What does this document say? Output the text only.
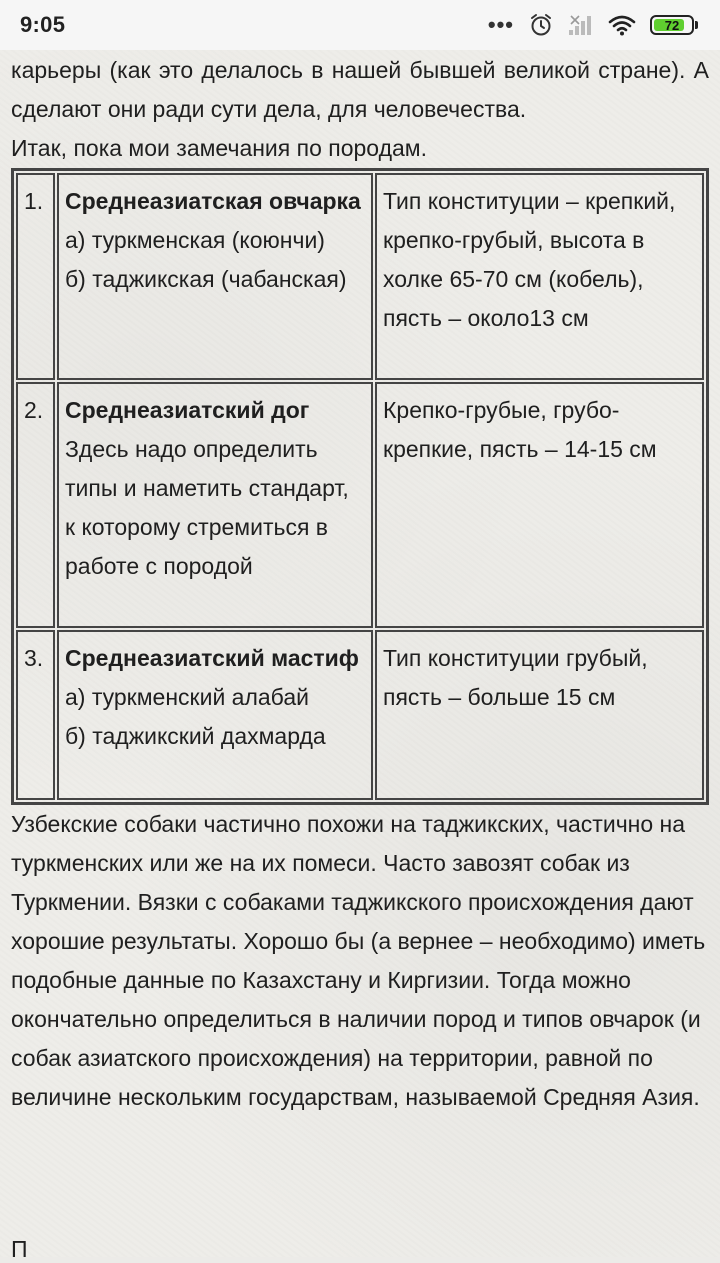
9:05	•••	72

карьеры (как это делалось в нашей бывшей великой стране). А сделают они ради сути дела, для человечества.

Итак, пока мои замечания по породам.

1.	Среднеазиатская овчарка
а) туркменская (коюнчи)
б) таджикская (чабанская)	Тип конституции – крепкий, крепко-грубый, высота в холке 65-70 см (кобель), пясть – около13 см
2.	Среднеазиатский дог
Здесь надо определить типы и наметить стандарт, к которому стремиться в работе с породой	Крепко-грубые, грубо-крепкие, пясть – 14-15 см
3.	Среднеазиатский мастиф
а) туркменский алабай
б) таджикский дахмарда	Тип конституции грубый, пясть – больше 15 см

Узбекские собаки частично похожи на таджикских, частично на туркменских или же на их помеси. Часто завозят собак из Туркмении. Вязки с собаками таджикского происхождения дают хорошие результаты. Хорошо бы (а вернее – необходимо) иметь подобные данные по Казахстану и Киргизии. Тогда можно окончательно определиться в наличии пород и типов овчарок (и собак азиатского происхождения) на территории, равной по величине нескольким государствам, называемой Средняя Азия.

П
